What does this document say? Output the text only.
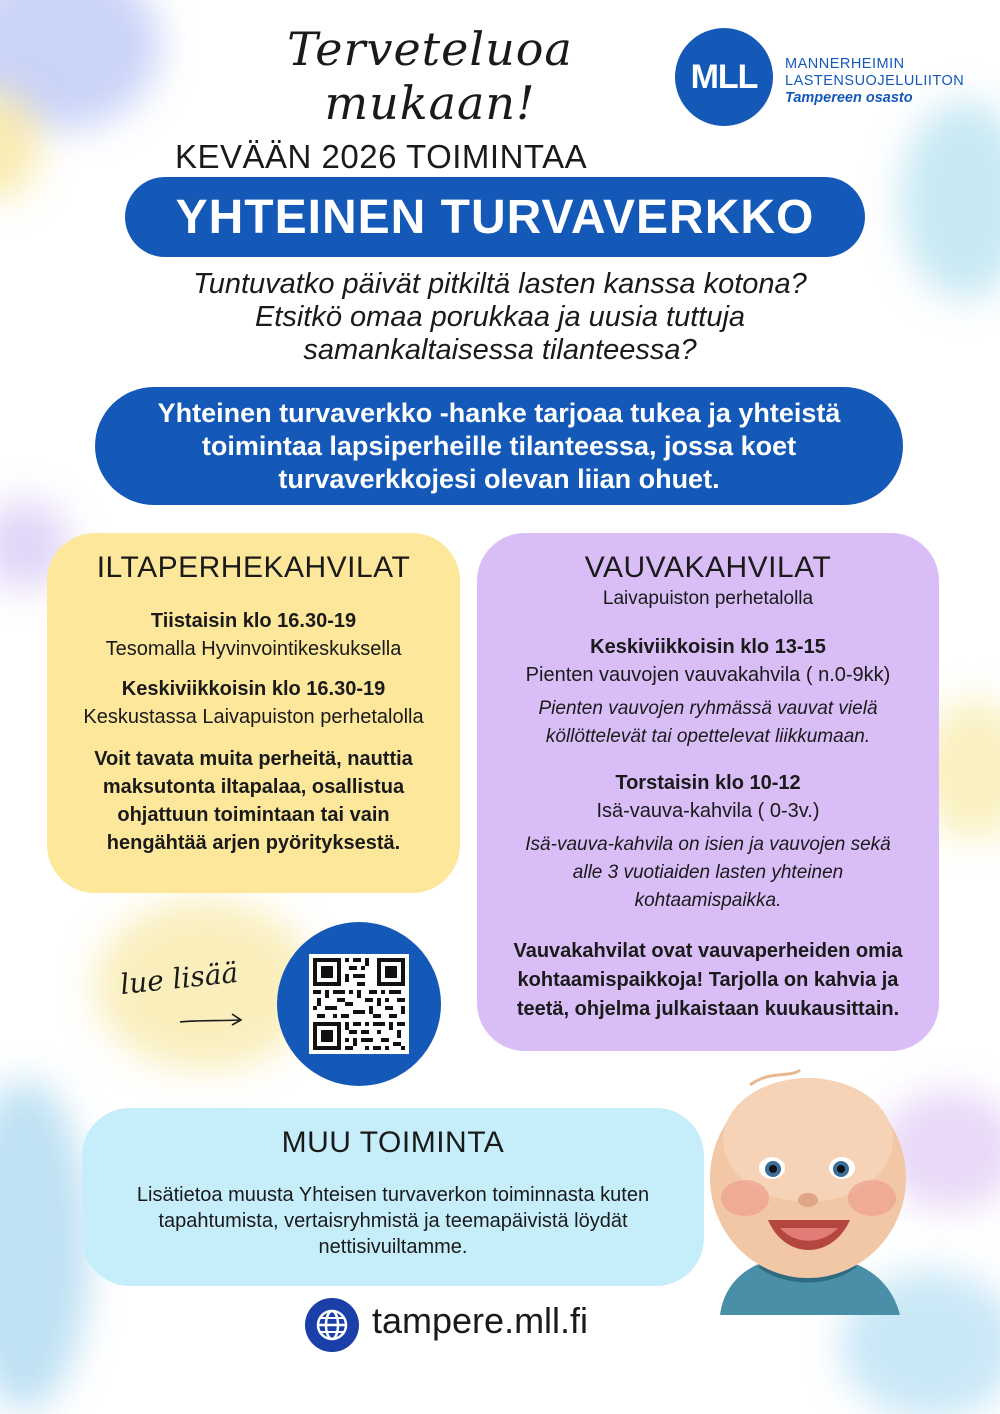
Terveteluoa mukaan!	MLL	MANNERHEIMIN
LASTENSUOJELULIITON
Tampereen osasto
KEVÄÄN 2026 TOIMINTAA
YHTEINEN TURVAVERKKO
Tuntuvatko päivät pitkiltä lasten kanssa kotona?
Etsitkö omaa porukkaa ja uusia tuttuja
samankaltaisessa tilanteessa?
Yhteinen turvaverkko -hanke tarjoaa tukea ja yhteistä toimintaa lapsiperheille tilanteessa, jossa koet turvaverkkojesi olevan liian ohuet.
ILTAPERHEKAHVILAT
Tiistaisin klo 16.30-19
Tesomalla Hyvinvointikeskuksella
Keskiviikkoisin klo 16.30-19
Keskustassa Laivapuiston perhetalolla
Voit tavata muita perheitä, nauttia maksutonta iltapalaa, osallistua ohjattuun toimintaan tai vain hengähtää arjen pyörityksestä.
VAUVAKAHVILAT
Laivapuiston perhetalolla
Keskiviikkoisin klo 13-15
Pienten vauvojen vauvakahvila ( n.0-9kk)
Pienten vauvojen ryhmässä vauvat vielä köllöttelevät tai opettelevat liikkumaan.
Torstaisin klo 10-12
Isä-vauva-kahvila ( 0-3v.)
Isä-vauva-kahvila on isien ja vauvojen sekä alle 3 vuotiaiden lasten yhteinen kohtaamispaikka.
Vauvakahvilat ovat vauvaperheiden omia kohtaamispaikkoja! Tarjolla on kahvia ja teetä, ohjelma julkaistaan kuukausittain.
lue lisää
MUU TOIMINTA
Lisätietoa muusta Yhteisen turvaverkon toiminnasta kuten tapahtumista, vertaisryhmistä ja teemapäivistä löydät nettisivuiltamme.
tampere.mll.fi
